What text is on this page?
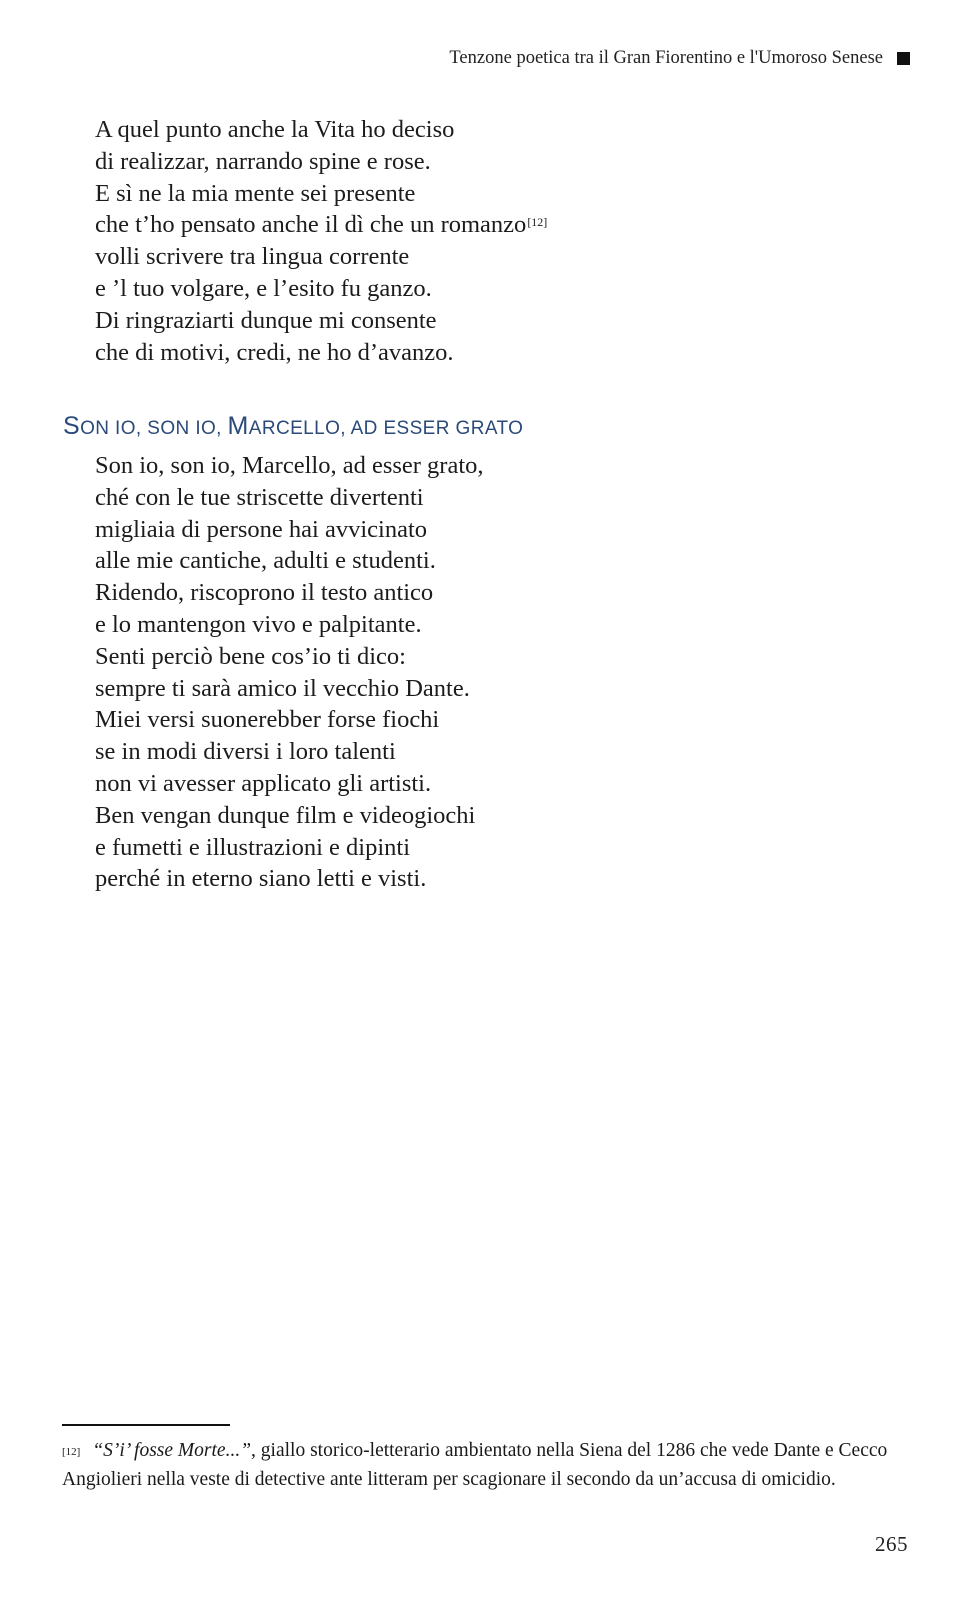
Tenzone poetica tra il Gran Fiorentino e l'Umoroso Senese
A quel punto anche la Vita ho deciso
di realizzar, narrando spine e rose.
E sì ne la mia mente sei presente
che t’ho pensato anche il dì che un romanzo[12]
volli scrivere tra lingua corrente
e ’l tuo volgare, e l’esito fu ganzo.
Di ringraziarti dunque mi consente
che di motivi, credi, ne ho d’avanzo.
SON IO, SON IO, MARCELLO, AD ESSER GRATO
Son io, son io, Marcello, ad esser grato,
ché con le tue striscette divertenti
migliaia di persone hai avvicinato
alle mie cantiche, adulti e studenti.
Ridendo, riscoprono il testo antico
e lo mantengon vivo e palpitante.
Senti perciò bene cos’io ti dico:
sempre ti sarà amico il vecchio Dante.
Miei versi suonerebber forse fiochi
se in modi diversi i loro talenti
non vi avesser applicato gli artisti.
Ben vengan dunque film e videogiochi
e fumetti e illustrazioni e dipinti
perché in eterno siano letti e visti.
[12] “S’i’ fosse Morte...”, giallo storico-letterario ambientato nella Siena del 1286 che vede Dante e Cecco Angiolieri nella veste di detective ante litteram per scagionare il secondo da un’accusa di omicidio.
265
